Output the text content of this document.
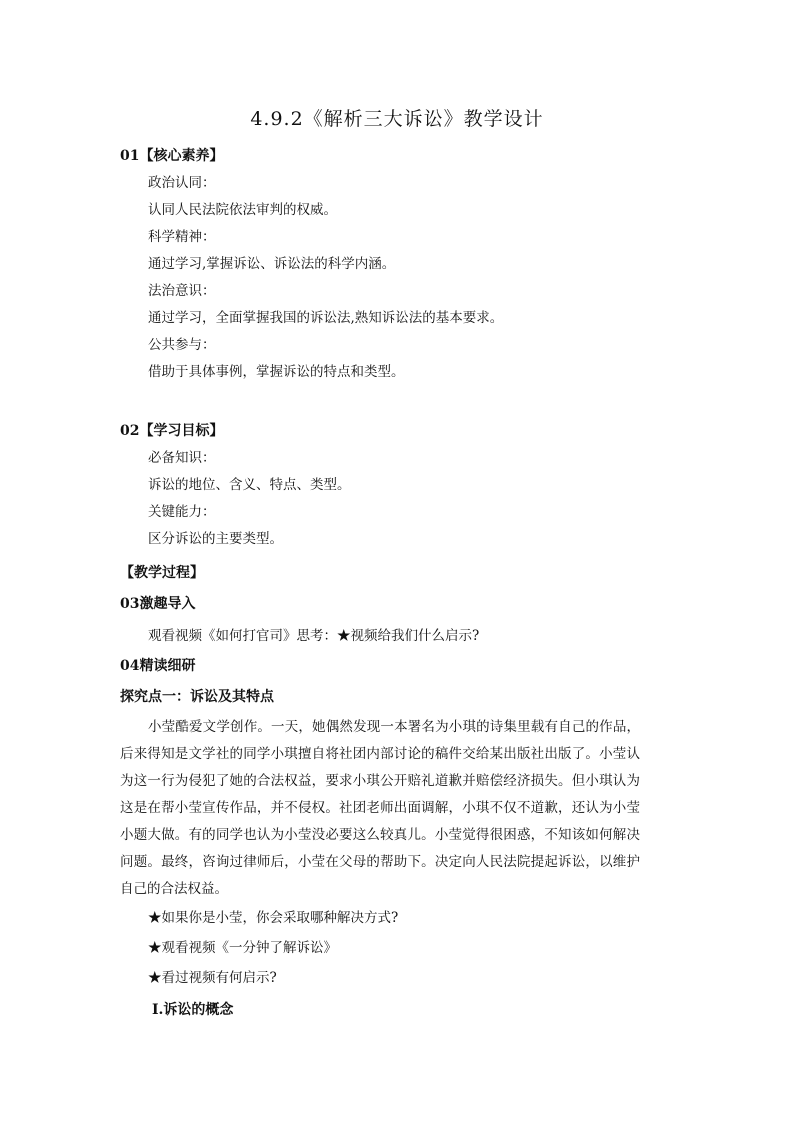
4.9.2《解析三大诉讼》教学设计
01【核心素养】
政治认同：
认同人民法院依法审判的权威。
科学精神：
通过学习,掌握诉讼、诉讼法的科学内涵。
法治意识：
通过学习，全面掌握我国的诉讼法,熟知诉讼法的基本要求。
公共参与：
借助于具体事例，掌握诉讼的特点和类型。
02【学习目标】
必备知识：
诉讼的地位、含义、特点、类型。
关键能力：
区分诉讼的主要类型。
【教学过程】
03激趣导入
观看视频《如何打官司》思考：★视频给我们什么启示?
04精读细研
探究点一：诉讼及其特点
小莹酷爱文学创作。一天，她偶然发现一本署名为小琪的诗集里载有自己的作品，后来得知是文学社的同学小琪擅自将社团内部讨论的稿件交给某出版社出版了。小莹认为这一行为侵犯了她的合法权益，要求小琪公开赔礼道歉并赔偿经济损失。但小琪认为这是在帮小莹宣传作品，并不侵权。社团老师出面调解，小琪不仅不道歉，还认为小莹小题大做。有的同学也认为小莹没必要这么较真儿。小莹觉得很困惑，不知该如何解决问题。最终，咨询过律师后，小莹在父母的帮助下。决定向人民法院提起诉讼，以维护自己的合法权益。
★如果你是小莹，你会采取哪种解决方式?
★观看视频《一分钟了解诉讼》
★看过视频有何启示?
Ⅰ.诉讼的概念
